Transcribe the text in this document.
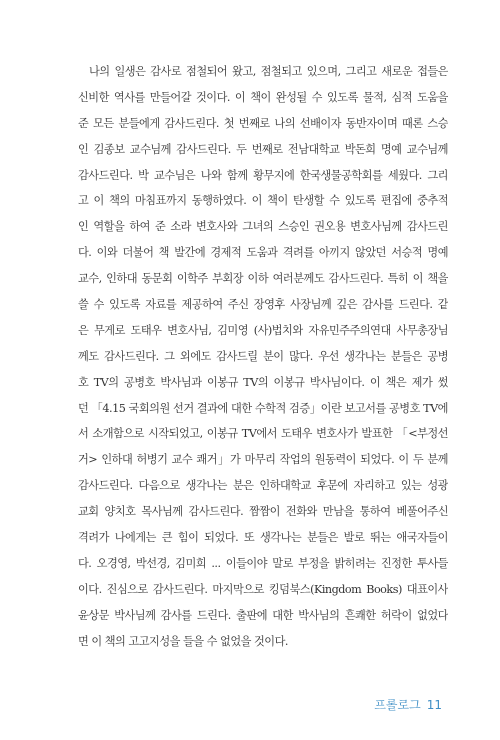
나의 일생은 감사로 점철되어 왔고, 점철되고 있으며, 그리고 새로운 접들은
신비한 역사를 만들어갈 것이다. 이 책이 완성될 수 있도록 물적, 심적 도움을
준 모든 분들에게 감사드린다. 첫 번째로 나의 선배이자 동반자이며 때론 스승
인 김종보 교수님께 감사드린다. 두 번째로 전남대학교 박돈희 명예 교수님께
감사드린다. 박 교수님은 나와 함께 황무지에 한국생물공학회를 세웠다. 그리
고 이 책의 마침표까지 동행하였다. 이 책이 탄생할 수 있도록 편집에 중추적
인 역할을 하여 준 소라 변호사와 그녀의 스승인 권오용 변호사님께 감사드린
다. 이와 더불어 책 발간에 경제적 도움과 격려를 아끼지 않았던 서승적 명예
교수, 인하대 동문회 이학주 부회장 이하 여러분께도 감사드린다. 특히 이 책을
쓸 수 있도록 자료를 제공하여 주신 장영후 사장님께 깊은 감사를 드린다. 같
은 무게로 도태우 변호사님, 김미영 (사)법치와 자유민주주의연대 사무총장님
께도 감사드린다. 그 외에도 감사드릴 분이 많다. 우선 생각나는 분들은 공병
호 TV의 공병호 박사님과 이봉규 TV의 이봉규 박사님이다. 이 책은 제가 썼
던 「4.15 국회의원 선거 결과에 대한 수학적 검증」이란 보고서를 공병호 TV에
서 소개함으로 시작되었고, 이봉규 TV에서 도태우 변호사가 발표한 「<부정선
거> 인하대 허병기 교수 쾌거」가 마무리 작업의 원동력이 되었다. 이 두 분께
감사드린다. 다음으로 생각나는 분은 인하대학교 후문에 자리하고 있는 성광
교회 양치호 목사님께 감사드린다. 짬짬이 전화와 만남을 통하여 베풀어주신
격려가 나에게는 큰 힘이 되었다. 또 생각나는 분들은 발로 뛰는 애국자들이
다. 오경영, 박선경, 김미희 ... 이들이야 말로 부정을 밝히려는 진정한 투사들
이다. 진심으로 감사드린다. 마지막으로 킹덤북스(Kingdom Books) 대표이사
윤상문 박사님께 감사를 드린다. 출판에 대한 박사님의 흔쾌한 허락이 없었다
면 이 책의 고고지성을 들을 수 없었을 것이다.
프롤로그 11
